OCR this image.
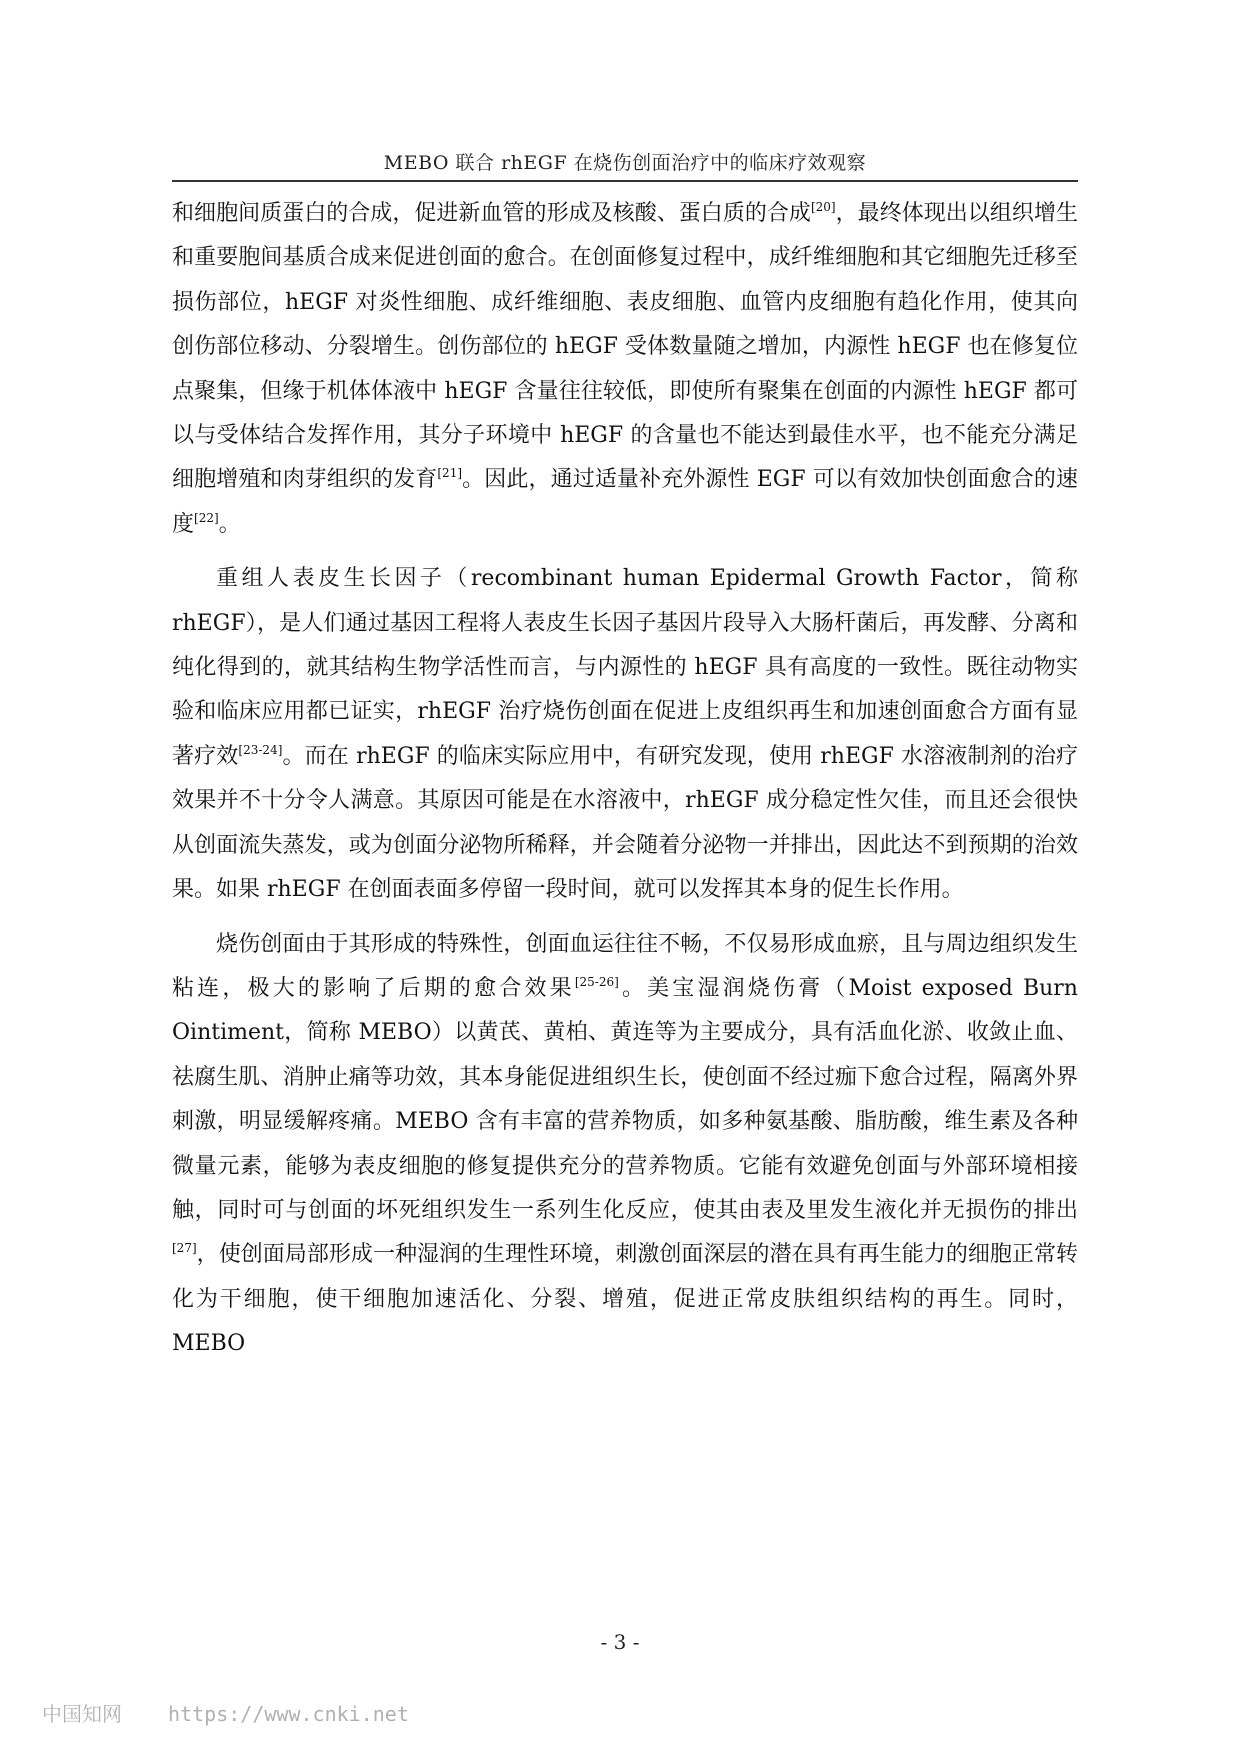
MEBO 联合 rhEGF 在烧伤创面治疗中的临床疗效观察

和细胞间质蛋白的合成，促进新血管的形成及核酸、蛋白质的合成[20]，最终体现出以组织增生和重要胞间基质合成来促进创面的愈合。在创面修复过程中，成纤维细胞和其它细胞先迁移至损伤部位，hEGF 对炎性细胞、成纤维细胞、表皮细胞、血管内皮细胞有趋化作用，使其向创伤部位移动、分裂增生。创伤部位的 hEGF 受体数量随之增加，内源性 hEGF 也在修复位点聚集，但缘于机体体液中 hEGF 含量往往较低，即使所有聚集在创面的内源性 hEGF 都可以与受体结合发挥作用，其分子环境中 hEGF 的含量也不能达到最佳水平，也不能充分满足细胞增殖和肉芽组织的发育[21]。因此，通过适量补充外源性 EGF 可以有效加快创面愈合的速度[22]。

重组人表皮生长因子（recombinant human Epidermal Growth Factor，简称 rhEGF），是人们通过基因工程将人表皮生长因子基因片段导入大肠杆菌后，再发酵、分离和纯化得到的，就其结构生物学活性而言，与内源性的 hEGF 具有高度的一致性。既往动物实验和临床应用都已证实，rhEGF 治疗烧伤创面在促进上皮组织再生和加速创面愈合方面有显著疗效[23-24]。而在 rhEGF 的临床实际应用中，有研究发现，使用 rhEGF 水溶液制剂的治疗效果并不十分令人满意。其原因可能是在水溶液中，rhEGF 成分稳定性欠佳，而且还会很快从创面流失蒸发，或为创面分泌物所稀释，并会随着分泌物一并排出，因此达不到预期的治效果。如果 rhEGF 在创面表面多停留一段时间，就可以发挥其本身的促生长作用。

烧伤创面由于其形成的特殊性，创面血运往往不畅，不仅易形成血瘀，且与周边组织发生粘连，极大的影响了后期的愈合效果[25-26]。美宝湿润烧伤膏（Moist exposed Burn Ointiment，简称 MEBO）以黄芪、黄柏、黄连等为主要成分，具有活血化淤、收敛止血、祛腐生肌、消肿止痛等功效，其本身能促进组织生长，使创面不经过痂下愈合过程，隔离外界刺激，明显缓解疼痛。MEBO 含有丰富的营养物质，如多种氨基酸、脂肪酸，维生素及各种微量元素，能够为表皮细胞的修复提供充分的营养物质。它能有效避免创面与外部环境相接触，同时可与创面的坏死组织发生一系列生化反应，使其由表及里发生液化并无损伤的排出[27]，使创面局部形成一种湿润的生理性环境，刺激创面深层的潜在具有再生能力的细胞正常转化为干细胞，使干细胞加速活化、分裂、增殖，促进正常皮肤组织结构的再生。同时，MEBO

- 3 -
中国知网 https://www.cnki.net
